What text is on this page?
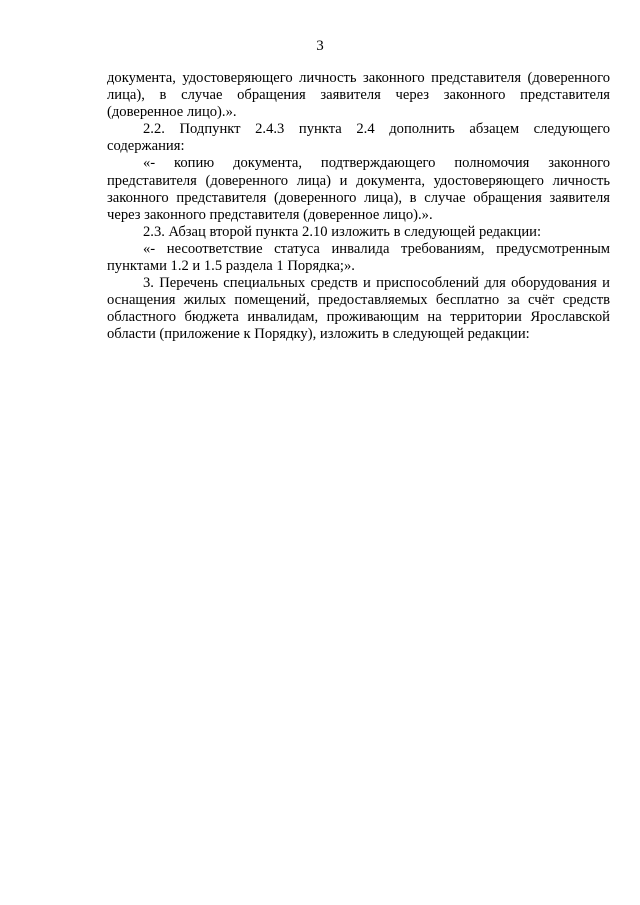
3

документа, удостоверяющего личность законного представителя (доверенного лица), в случае обращения заявителя через законного представителя (доверенное лицо).».

2.2. Подпункт 2.4.3 пункта 2.4 дополнить абзацем следующего содержания:

«- копию документа, подтверждающего полномочия законного представителя (доверенного лица) и документа, удостоверяющего личность законного представителя (доверенного лица), в случае обращения заявителя через законного представителя (доверенное лицо).».

2.3. Абзац второй пункта 2.10 изложить в следующей редакции:

«- несоответствие статуса инвалида требованиям, предусмотренным пунктами 1.2 и 1.5 раздела 1 Порядка;».

3. Перечень специальных средств и приспособлений для оборудования и оснащения жилых помещений, предоставляемых бесплатно за счёт средств областного бюджета инвалидам, проживающим на территории Ярославской области (приложение к Порядку), изложить в следующей редакции:
